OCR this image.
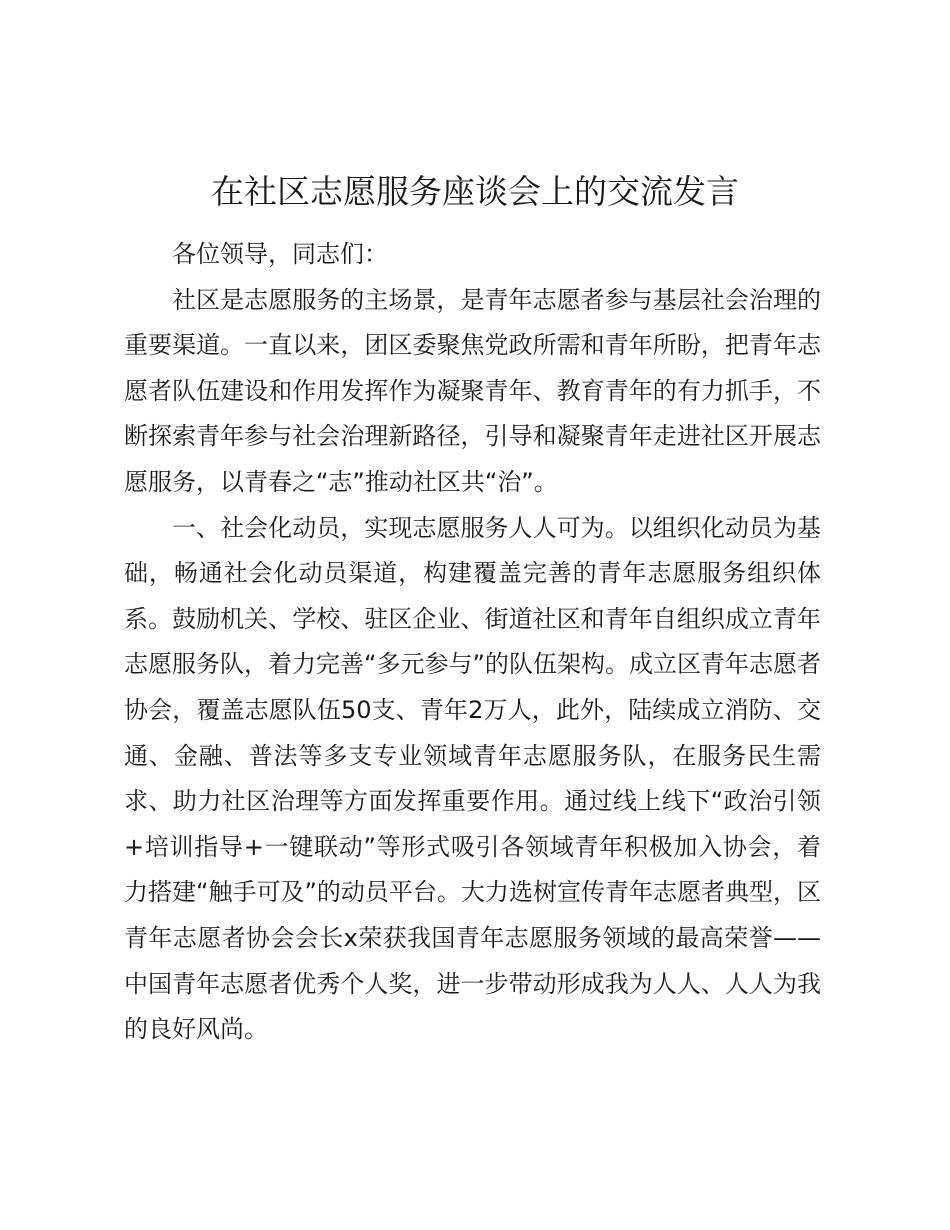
在社区志愿服务座谈会上的交流发言

各位领导，同志们：

社区是志愿服务的主场景，是青年志愿者参与基层社会治理的重要渠道。一直以来，团区委聚焦党政所需和青年所盼，把青年志愿者队伍建设和作用发挥作为凝聚青年、教育青年的有力抓手，不断探索青年参与社会治理新路径，引导和凝聚青年走进社区开展志愿服务，以青春之“志”推动社区共“治”。

一、社会化动员，实现志愿服务人人可为。以组织化动员为基础，畅通社会化动员渠道，构建覆盖完善的青年志愿服务组织体系。鼓励机关、学校、驻区企业、街道社区和青年自组织成立青年志愿服务队，着力完善“多元参与”的队伍架构。成立区青年志愿者协会，覆盖志愿队伍50支、青年2万人，此外，陆续成立消防、交通、金融、普法等多支专业领域青年志愿服务队，在服务民生需求、助力社区治理等方面发挥重要作用。通过线上线下“政治引领+培训指导+一键联动”等形式吸引各领域青年积极加入协会，着力搭建“触手可及”的动员平台。大力选树宣传青年志愿者典型，区青年志愿者协会会长x荣获我国青年志愿服务领域的最高荣誉——中国青年志愿者优秀个人奖，进一步带动形成我为人人、人人为我的良好风尚。
